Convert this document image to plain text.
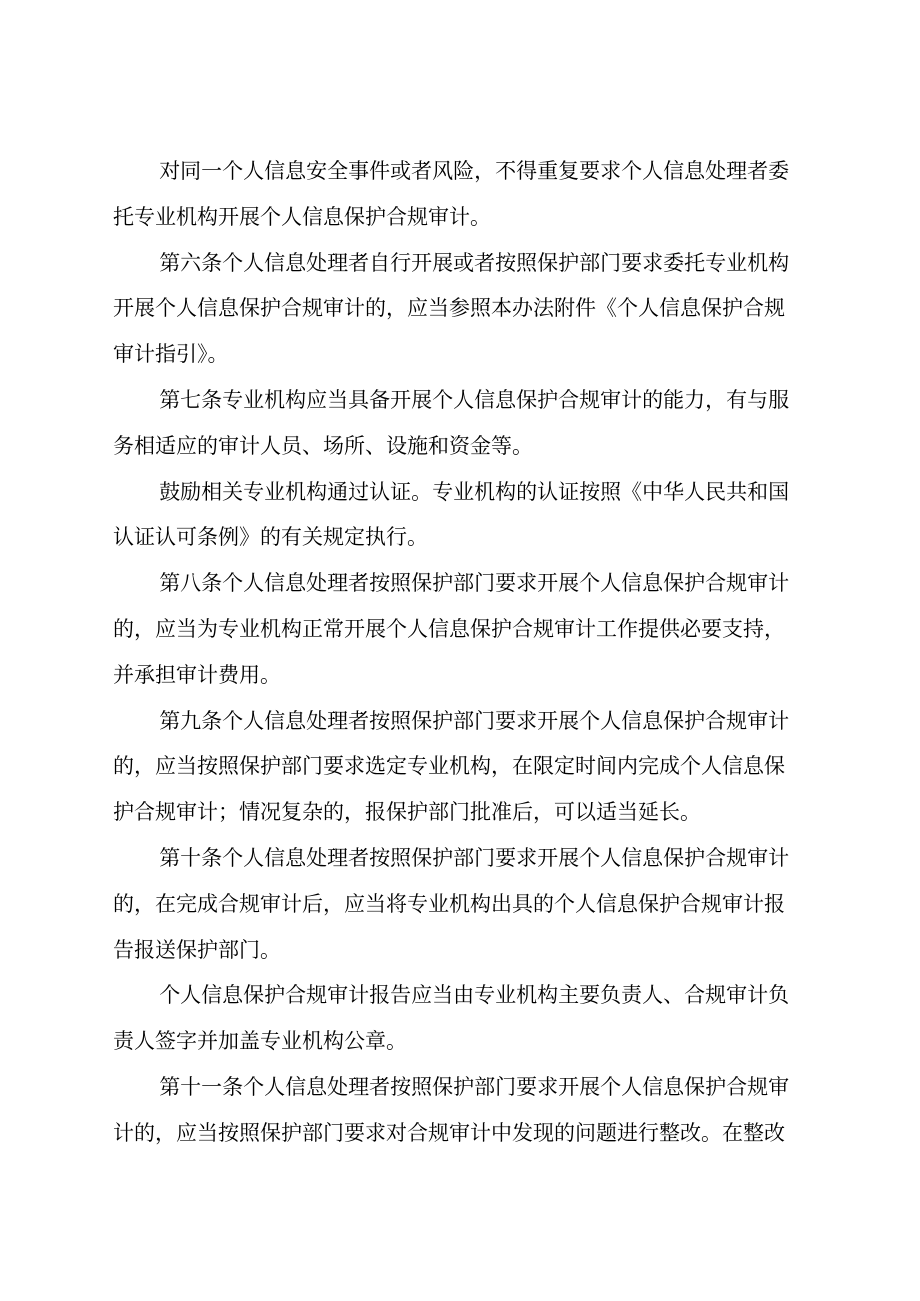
对同一个人信息安全事件或者风险，不得重复要求个人信息处理者委
托专业机构开展个人信息保护合规审计。

第六条个人信息处理者自行开展或者按照保护部门要求委托专业机构
开展个人信息保护合规审计的，应当参照本办法附件《个人信息保护合规
审计指引》。

第七条专业机构应当具备开展个人信息保护合规审计的能力，有与服
务相适应的审计人员、场所、设施和资金等。

鼓励相关专业机构通过认证。专业机构的认证按照《中华人民共和国
认证认可条例》的有关规定执行。

第八条个人信息处理者按照保护部门要求开展个人信息保护合规审计
的，应当为专业机构正常开展个人信息保护合规审计工作提供必要支持，
并承担审计费用。

第九条个人信息处理者按照保护部门要求开展个人信息保护合规审计
的，应当按照保护部门要求选定专业机构，在限定时间内完成个人信息保
护合规审计；情况复杂的，报保护部门批准后，可以适当延长。

第十条个人信息处理者按照保护部门要求开展个人信息保护合规审计
的，在完成合规审计后，应当将专业机构出具的个人信息保护合规审计报
告报送保护部门。

个人信息保护合规审计报告应当由专业机构主要负责人、合规审计负
责人签字并加盖专业机构公章。

第十一条个人信息处理者按照保护部门要求开展个人信息保护合规审
计的，应当按照保护部门要求对合规审计中发现的问题进行整改。在整改
